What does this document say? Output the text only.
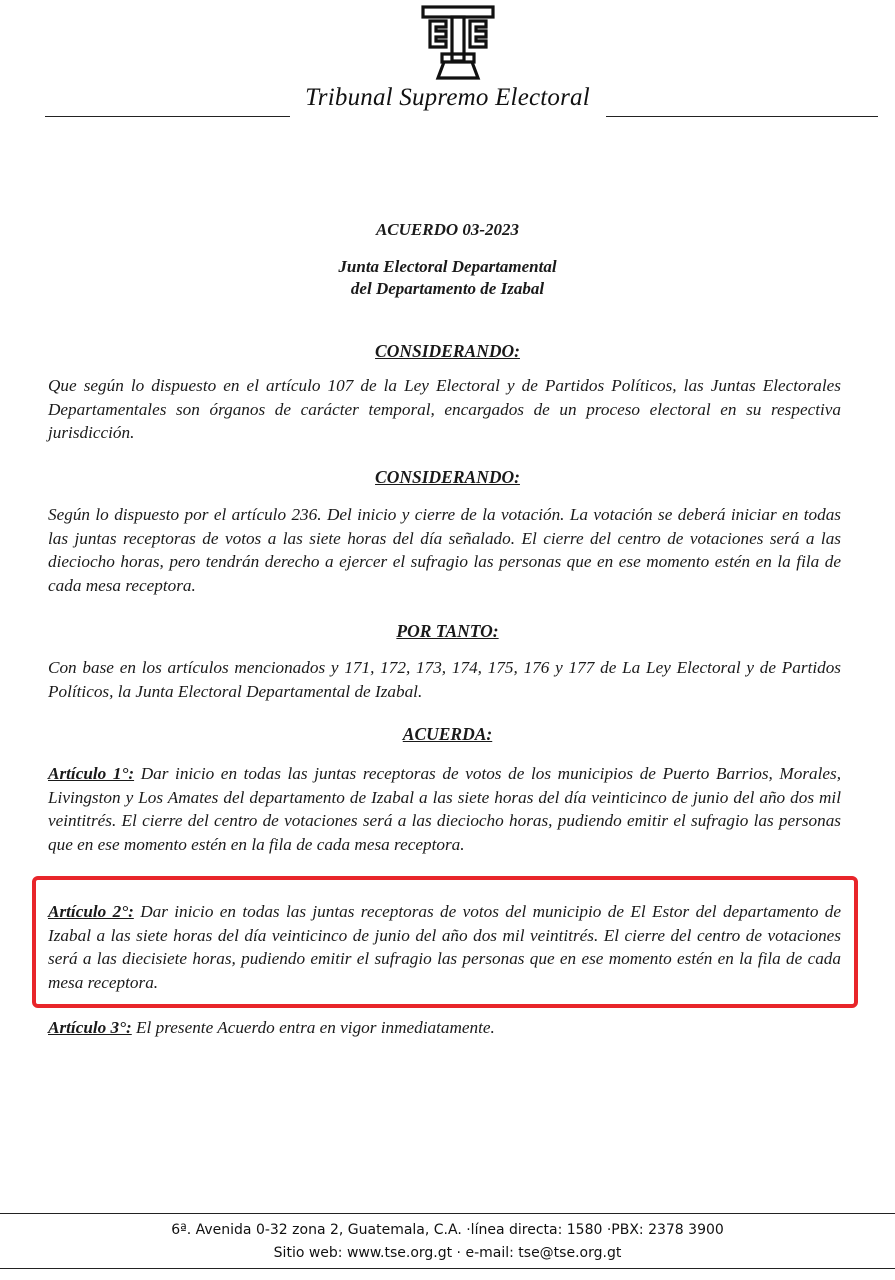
Tribunal Supremo Electoral
ACUERDO 03-2023
Junta Electoral Departamental
del Departamento de Izabal
CONSIDERANDO:
Que según lo dispuesto en el artículo 107 de la Ley Electoral y de Partidos Políticos, las Juntas Electorales Departamentales son órganos de carácter temporal, encargados de un proceso electoral en su respectiva jurisdicción.
CONSIDERANDO:
Según lo dispuesto por el artículo 236. Del inicio y cierre de la votación. La votación se deberá iniciar en todas las juntas receptoras de votos a las siete horas del día señalado. El cierre del centro de votaciones será a las dieciocho horas, pero tendrán derecho a ejercer el sufragio las personas que en ese momento estén en la fila de cada mesa receptora.
POR TANTO:
Con base en los artículos mencionados y 171, 172, 173, 174, 175, 176 y 177 de La Ley Electoral y de Partidos Políticos, la Junta Electoral Departamental de Izabal.
ACUERDA:
Artículo 1°: Dar inicio en todas las juntas receptoras de votos de los municipios de Puerto Barrios, Morales, Livingston y Los Amates del departamento de Izabal a las siete horas del día veinticinco de junio del año dos mil veintitrés. El cierre del centro de votaciones será a las dieciocho horas, pudiendo emitir el sufragio las personas que en ese momento estén en la fila de cada mesa receptora.
Artículo 2°: Dar inicio en todas las juntas receptoras de votos del municipio de El Estor del departamento de Izabal a las siete horas del día veinticinco de junio del año dos mil veintitrés. El cierre del centro de votaciones será a las diecisiete horas, pudiendo emitir el sufragio las personas que en ese momento estén en la fila de cada mesa receptora.
Artículo 3°: El presente Acuerdo entra en vigor inmediatamente.
6ª. Avenida 0-32 zona 2, Guatemala, C.A. ·línea directa: 1580 ·PBX: 2378 3900
Sitio web: www.tse.org.gt · e-mail: tse@tse.org.gt
